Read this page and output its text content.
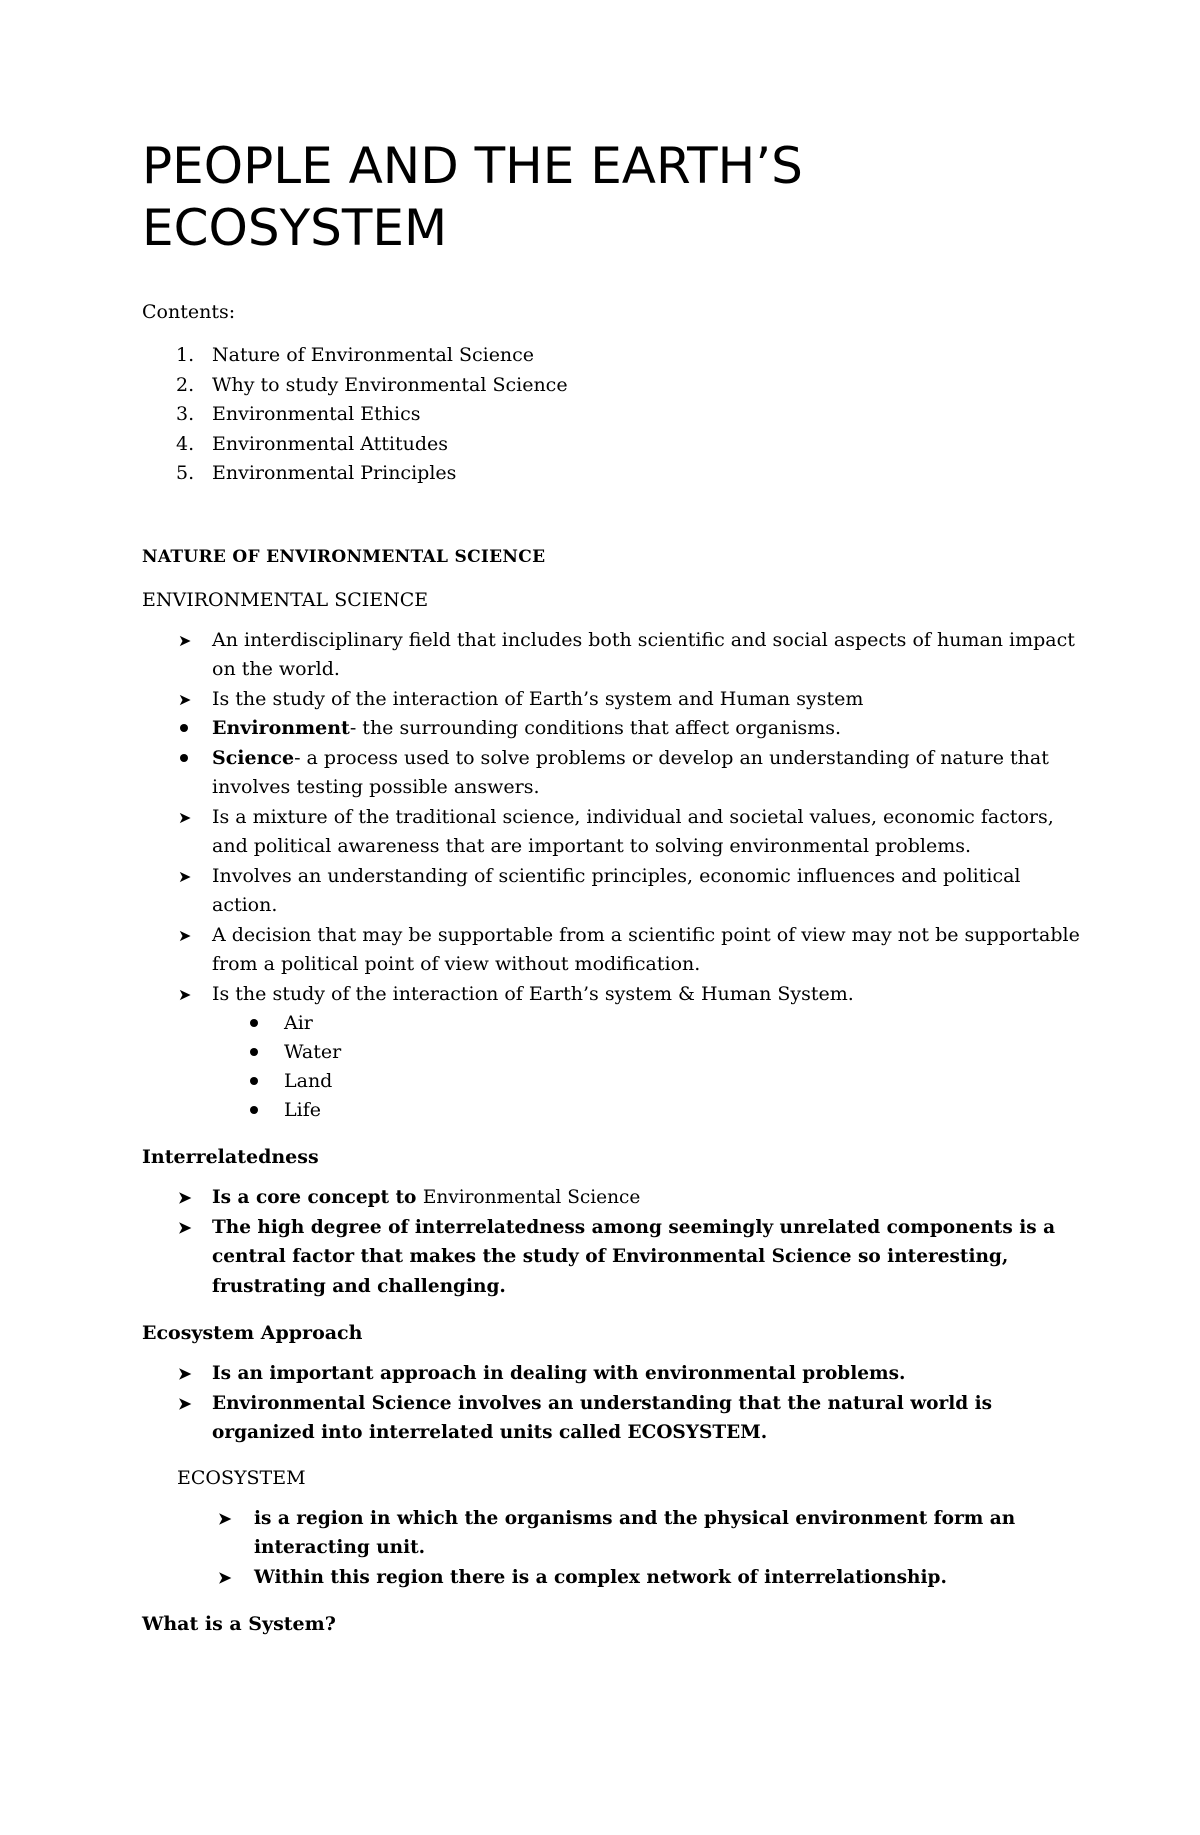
PEOPLE AND THE EARTH’S
ECOSYSTEM
Contents:
1. Nature of Environmental Science
2. Why to study Environmental Science
3. Environmental Ethics
4. Environmental Attitudes
5. Environmental Principles
NATURE OF ENVIRONMENTAL SCIENCE
ENVIRONMENTAL SCIENCE
➤	An interdisciplinary field that includes both scientific and social aspects of human impact on the world.
➤	Is the study of the interaction of Earth’s system and Human system
Environment- the surrounding conditions that affect organisms.
Science- a process used to solve problems or develop an understanding of nature that involves testing possible answers.
➤	Is a mixture of the traditional science, individual and societal values, economic factors, and political awareness that are important to solving environmental problems.
➤	Involves an understanding of scientific principles, economic influences and political action.
➤	A decision that may be supportable from a scientific point of view may not be supportable from a political point of view without modification.
➤	Is the study of the interaction of Earth’s system & Human System.
Air
Water
Land
Life
Interrelatedness
➤	Is a core concept to Environmental Science
➤	The high degree of interrelatedness among seemingly unrelated components is a central factor that makes the study of Environmental Science so interesting, frustrating and challenging.
Ecosystem Approach
➤	Is an important approach in dealing with environmental problems.
➤	Environmental Science involves an understanding that the natural world is organized into interrelated units called ECOSYSTEM.
ECOSYSTEM
➤	is a region in which the organisms and the physical environment form an interacting unit.
➤	Within this region there is a complex network of interrelationship.
What is a System?
